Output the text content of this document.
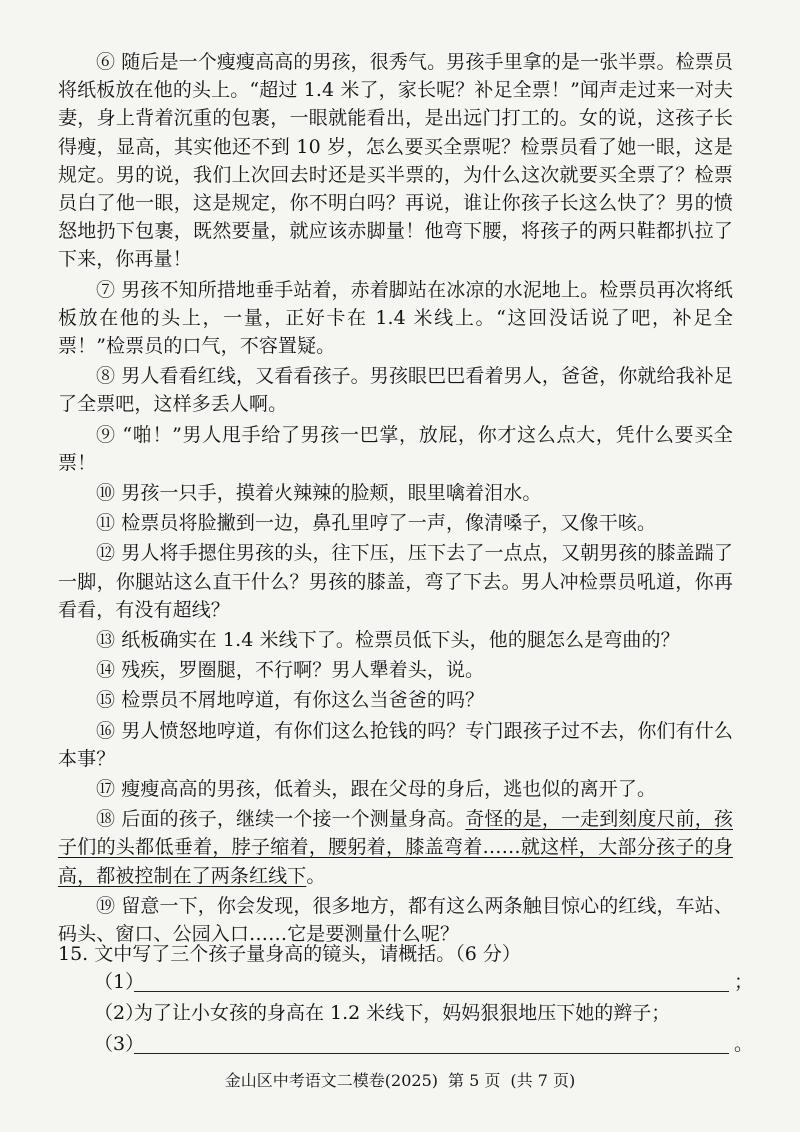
⑥ 随后是一个瘦瘦高高的男孩，很秀气。男孩手里拿的是一张半票。检票员将纸板放在他的头上。“超过 1.4 米了，家长呢？补足全票！”闻声走过来一对夫妻，身上背着沉重的包裹，一眼就能看出，是出远门打工的。女的说，这孩子长得瘦，显高，其实他还不到 10 岁，怎么要买全票呢？检票员看了她一眼，这是规定。男的说，我们上次回去时还是买半票的，为什么这次就要买全票了？检票员白了他一眼，这是规定，你不明白吗？再说，谁让你孩子长这么快了？男的愤怒地扔下包裹，既然要量，就应该赤脚量！他弯下腰，将孩子的两只鞋都扒拉了下来，你再量！

⑦ 男孩不知所措地垂手站着，赤着脚站在冰凉的水泥地上。检票员再次将纸板放在他的头上，一量，正好卡在 1.4 米线上。“这回没话说了吧，补足全票！”检票员的口气，不容置疑。

⑧ 男人看看红线，又看看孩子。男孩眼巴巴看着男人，爸爸，你就给我补足了全票吧，这样多丢人啊。

⑨ “啪！”男人甩手给了男孩一巴掌，放屁，你才这么点大，凭什么要买全票！

⑩ 男孩一只手，摸着火辣辣的脸颊，眼里噙着泪水。

⑪ 检票员将脸撇到一边，鼻孔里哼了一声，像清嗓子，又像干咳。

⑫ 男人将手摁住男孩的头，往下压，压下去了一点点，又朝男孩的膝盖踹了一脚，你腿站这么直干什么？男孩的膝盖，弯了下去。男人冲检票员吼道，你再看看，有没有超线？

⑬ 纸板确实在 1.4 米线下了。检票员低下头，他的腿怎么是弯曲的？

⑭ 残疾，罗圈腿，不行啊？男人犟着头，说。

⑮ 检票员不屑地哼道，有你这么当爸爸的吗？

⑯ 男人愤怒地哼道，有你们这么抢钱的吗？专门跟孩子过不去，你们有什么本事？

⑰ 瘦瘦高高的男孩，低着头，跟在父母的身后，逃也似的离开了。

⑱ 后面的孩子，继续一个接一个测量身高。奇怪的是，一走到刻度尺前，孩子们的头都低垂着，脖子缩着，腰躬着，膝盖弯着……就这样，大部分孩子的身高，都被控制在了两条红线下。

⑲ 留意一下，你会发现，很多地方，都有这么两条触目惊心的红线，车站、码头、窗口、公园入口……它是要测量什么呢？

15. 文中写了三个孩子量身高的镜头，请概括。（6 分）

（1）	；
（2）
为了让小女孩的身高在 1.2 米线下，妈妈狠狠地压下她的辫子；
（3）	。
金山区中考语文二模卷(2025) 第 5 页 (共 7 页)
